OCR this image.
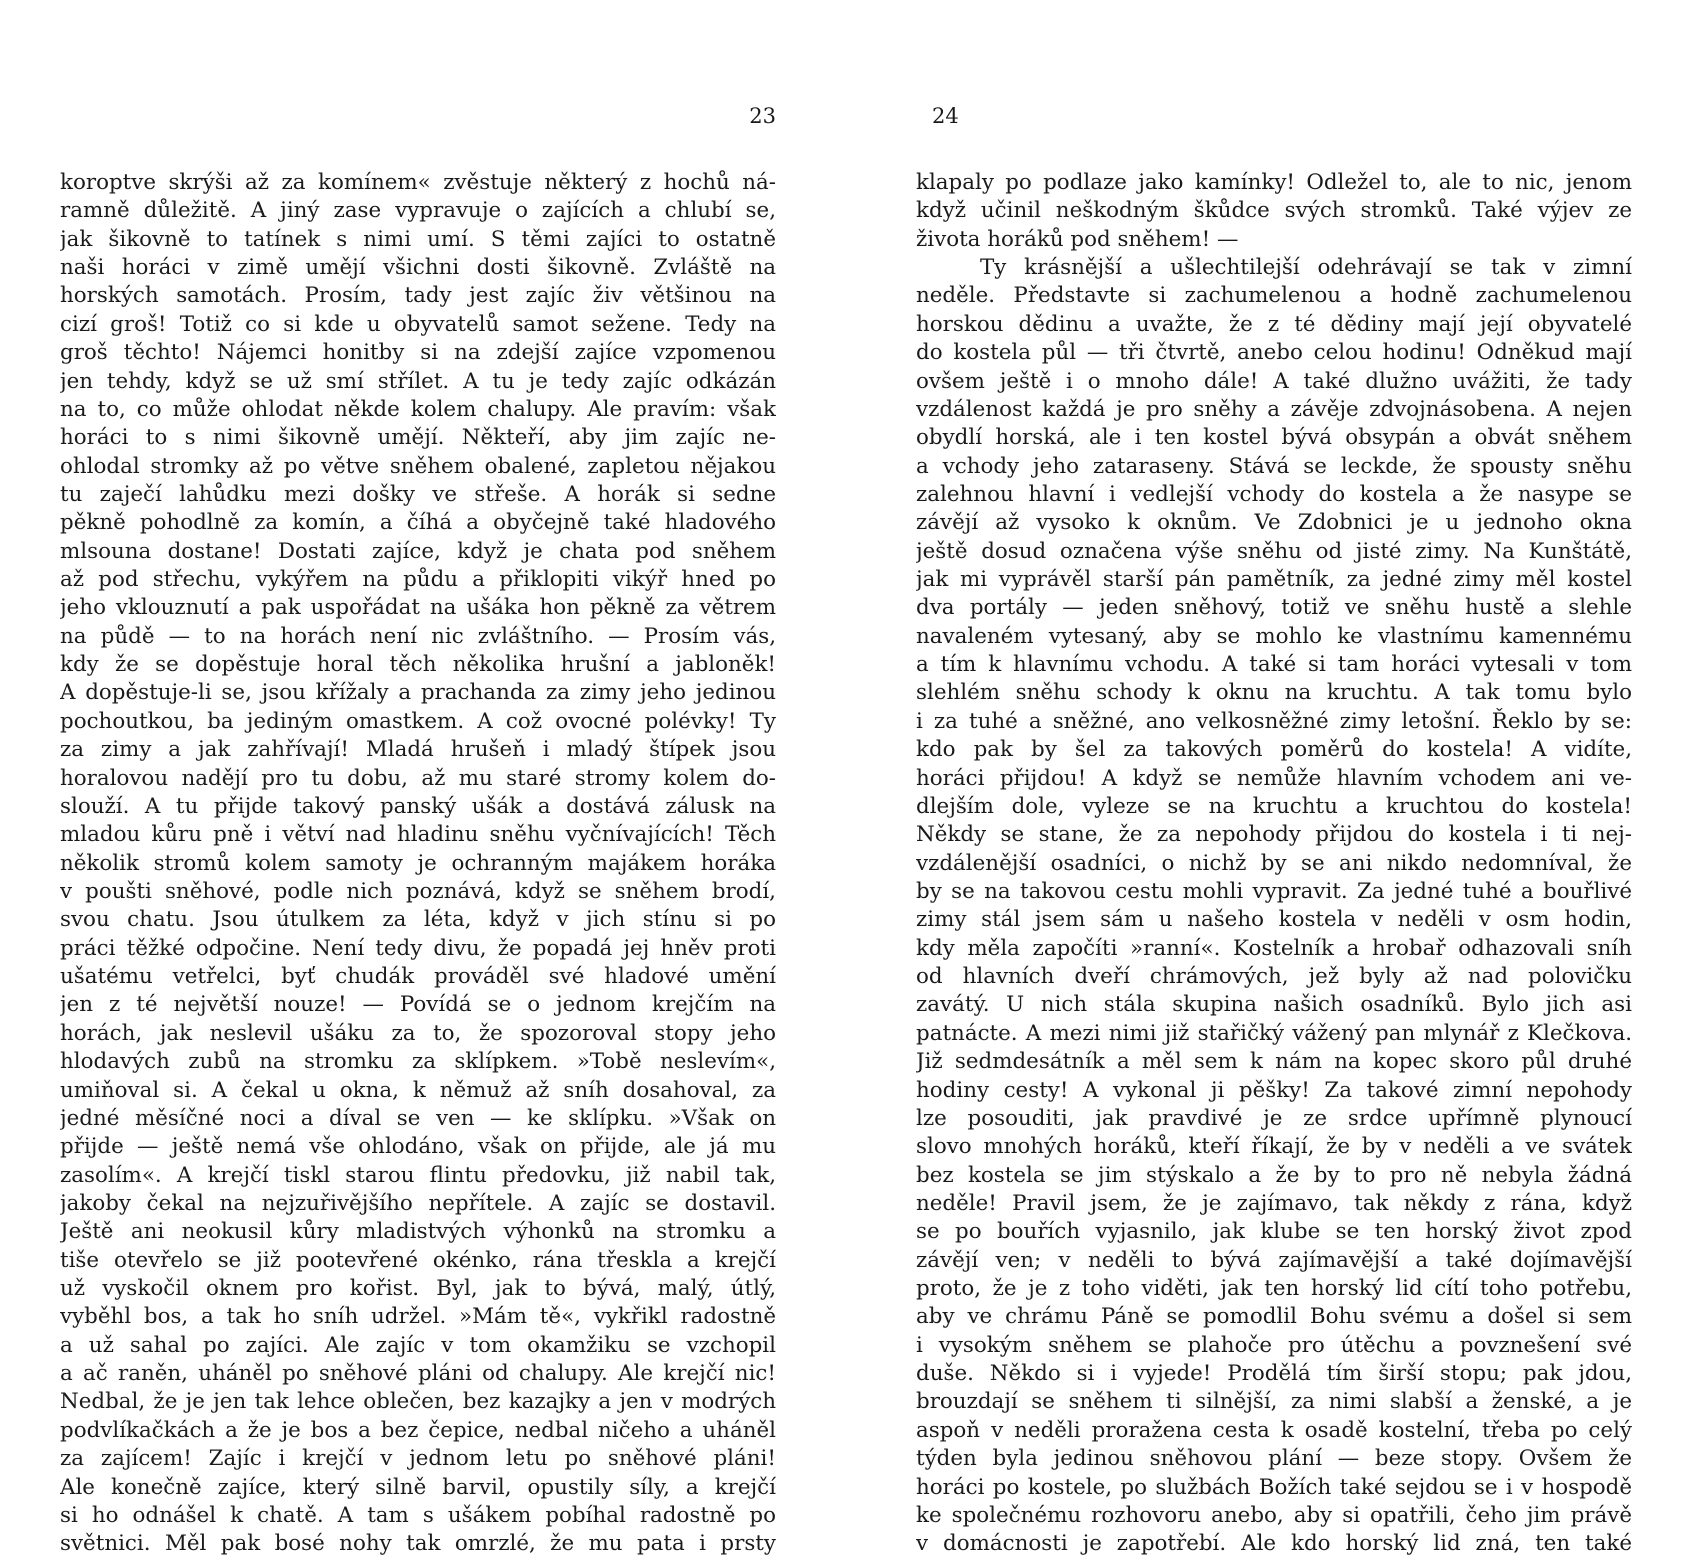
23
koroptve skrýši až za komínem« zvěstuje některý z hochů ná-
ramně důležitě. A jiný zase vypravuje o zajících a chlubí se,
jak šikovně to tatínek s nimi umí. S těmi zajíci to ostatně
naši horáci v zimě umějí všichni dosti šikovně. Zvláště na
horských samotách. Prosím, tady jest zajíc živ většinou na
cizí groš! Totiž co si kde u obyvatelů samot sežene. Tedy na
groš těchto! Nájemci honitby si na zdejší zajíce vzpomenou
jen tehdy, když se už smí střílet. A tu je tedy zajíc odkázán
na to, co může ohlodat někde kolem chalupy. Ale pravím: však
horáci to s nimi šikovně umějí. Někteří, aby jim zajíc ne-
ohlodal stromky až po větve sněhem obalené, zapletou nějakou
tu zaječí lahůdku mezi došky ve střeše. A horák si sedne
pěkně pohodlně za komín, a číhá a obyčejně také hladového
mlsouna dostane! Dostati zajíce, když je chata pod sněhem
až pod střechu, vykýřem na půdu a přiklopiti vikýř hned po
jeho vklouznutí a pak uspořádat na ušáka hon pěkně za větrem
na půdě — to na horách není nic zvláštního. — Prosím vás,
kdy že se dopěstuje horal těch několika hrušní a jabloněk!
A dopěstuje-li se, jsou křížaly a prachanda za zimy jeho jedinou
pochoutkou, ba jediným omastkem. A což ovocné polévky! Ty
za zimy a jak zahřívají! Mladá hrušeň i mladý štípek jsou
horalovou nadějí pro tu dobu, až mu staré stromy kolem do-
slouží. A tu přijde takový panský ušák a dostává zálusk na
mladou kůru pně i větví nad hladinu sněhu vyčnívajících! Těch
několik stromů kolem samoty je ochranným majákem horáka
v poušti sněhové, podle nich poznává, když se sněhem brodí,
svou chatu. Jsou útulkem za léta, když v jich stínu si po
práci těžké odpočine. Není tedy divu, že popadá jej hněv proti
ušatému vetřelci, byť chudák prováděl své hladové umění
jen z té největší nouze! — Povídá se o jednom krejčím na
horách, jak neslevil ušáku za to, že spozoroval stopy jeho
hlodavých zubů na stromku za sklípkem. »Tobě neslevím«,
umiňoval si. A čekal u okna, k němuž až sníh dosahoval, za
jedné měsíčné noci a díval se ven — ke sklípku. »Však on
přijde — ještě nemá vše ohlodáno, však on přijde, ale já mu
zasolím«. A krejčí tiskl starou flintu předovku, již nabil tak,
jakoby čekal na nejzuřivějšího nepřítele. A zajíc se dostavil.
Ještě ani neokusil kůry mladistvých výhonků na stromku a
tiše otevřelo se již pootevřené okénko, rána třeskla a krejčí
už vyskočil oknem pro kořist. Byl, jak to bývá, malý, útlý,
vyběhl bos, a tak ho sníh udržel. »Mám tě«, vykřikl radostně
a už sahal po zajíci. Ale zajíc v tom okamžiku se vzchopil
a ač raněn, uháněl po sněhové pláni od chalupy. Ale krejčí nic!
Nedbal, že je jen tak lehce oblečen, bez kazajky a jen v modrých
podvlíkačkách a že je bos a bez čepice, nedbal ničeho a uháněl
za zajícem! Zajíc i krejčí v jednom letu po sněhové pláni!
Ale konečně zajíce, který silně barvil, opustily síly, a krejčí
si ho odnášel k chatě. A tam s ušákem pobíhal radostně po
světnici. Měl pak bosé nohy tak omrzlé, že mu pata i prsty
24
klapaly po podlaze jako kamínky! Odležel to, ale to nic, jenom
když učinil neškodným škůdce svých stromků. Také výjev ze
života horáků pod sněhem! —
Ty krásnější a ušlechtilejší odehrávají se tak v zimní
neděle. Představte si zachumelenou a hodně zachumelenou
horskou dědinu a uvažte, že z té dědiny mají její obyvatelé
do kostela půl — tři čtvrtě, anebo celou hodinu! Odněkud mají
ovšem ještě i o mnoho dále! A také dlužno uvážiti, že tady
vzdálenost každá je pro sněhy a závěje zdvojnásobena. A nejen
obydlí horská, ale i ten kostel bývá obsypán a obvát sněhem
a vchody jeho zataraseny. Stává se leckde, že spousty sněhu
zalehnou hlavní i vedlejší vchody do kostela a že nasype se
závějí až vysoko k oknům. Ve Zdobnici je u jednoho okna
ještě dosud označena výše sněhu od jisté zimy. Na Kunštátě,
jak mi vyprávěl starší pán pamětník, za jedné zimy měl kostel
dva portály — jeden sněhový, totiž ve sněhu hustě a slehle
navaleném vytesaný, aby se mohlo ke vlastnímu kamennému
a tím k hlavnímu vchodu. A také si tam horáci vytesali v tom
slehlém sněhu schody k oknu na kruchtu. A tak tomu bylo
i za tuhé a sněžné, ano velkosněžné zimy letošní. Řeklo by se:
kdo pak by šel za takových poměrů do kostela! A vidíte,
horáci přijdou! A když se nemůže hlavním vchodem ani ve-
dlejším dole, vyleze se na kruchtu a kruchtou do kostela!
Někdy se stane, že za nepohody přijdou do kostela i ti nej-
vzdálenější osadníci, o nichž by se ani nikdo nedomníval, že
by se na takovou cestu mohli vypravit. Za jedné tuhé a bouřlivé
zimy stál jsem sám u našeho kostela v neděli v osm hodin,
kdy měla započíti »ranní«. Kostelník a hrobař odhazovali sníh
od hlavních dveří chrámových, jež byly až nad polovičku
zavátý. U nich stála skupina našich osadníků. Bylo jich asi
patnácte. A mezi nimi již stařičký vážený pan mlynář z Klečkova.
Již sedmdesátník a měl sem k nám na kopec skoro půl druhé
hodiny cesty! A vykonal ji pěšky! Za takové zimní nepohody
lze posouditi, jak pravdivé je ze srdce upřímně plynoucí
slovo mnohých horáků, kteří říkají, že by v neděli a ve svátek
bez kostela se jim stýskalo a že by to pro ně nebyla žádná
neděle! Pravil jsem, že je zajímavo, tak někdy z rána, když
se po bouřích vyjasnilo, jak klube se ten horský život zpod
závějí ven; v neděli to bývá zajímavější a také dojímavější
proto, že je z toho viděti, jak ten horský lid cítí toho potřebu,
aby ve chrámu Páně se pomodlil Bohu svému a došel si sem
i vysokým sněhem se plahoče pro útěchu a povznešení své
duše. Někdo si i vyjede! Prodělá tím širší stopu; pak jdou,
brouzdají se sněhem ti silnější, za nimi slabší a ženské, a je
aspoň v neděli proražena cesta k osadě kostelní, třeba po celý
týden byla jedinou sněhovou plání — beze stopy. Ovšem že
horáci po kostele, po službách Božích také sejdou se i v hospodě
ke společnému rozhovoru anebo, aby si opatřili, čeho jim právě
v domácnosti je zapotřebí. Ale kdo horský lid zná, ten také
